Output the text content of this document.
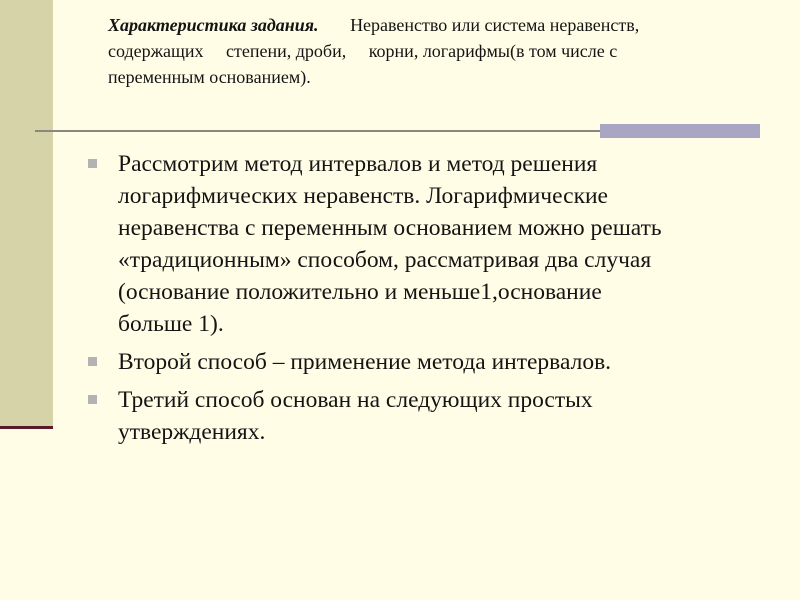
Характеристика задания. Неравенство или система неравенств,
содержащих     степени, дроби,     корни, логарифмы(в том числе с
переменным основанием).
Рассмотрим метод интервалов и метод решения
логарифмических неравенств. Логарифмические
неравенства с переменным основанием можно решать
«традиционным» способом, рассматривая два случая
(основание положительно и меньше1,основание
больше 1).
Второй способ – применение метода интервалов.
Третий способ основан на следующих простых
утверждениях.
